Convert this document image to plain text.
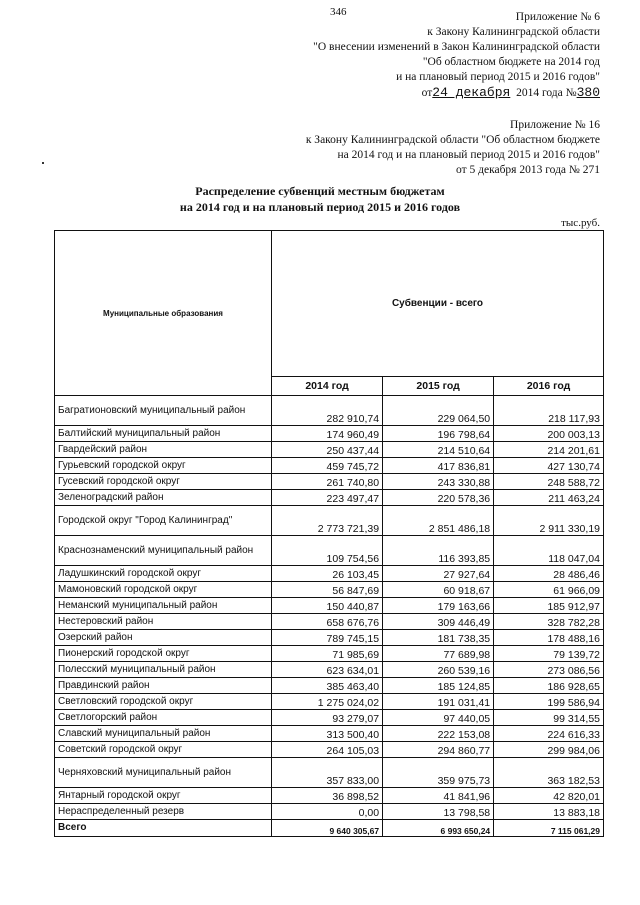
346	Приложение № 6
к Закону Калининградской области
"О внесении изменений в Закон Калининградской области
"Об областном бюджете на 2014 год
и на плановый период 2015 и 2016 годов"
от24 декабря 2014 года №380
Приложение № 16
к Закону Калининградской области "Об областном бюджете
на 2014 год и на плановый период 2015 и 2016 годов"
от 5 декабря 2013 года № 271
Распределение субвенций местным бюджетам
на 2014 год и на плановый период 2015 и 2016 годов
тыс.руб.
Муниципальные образования	Субвенции - всего		
	2014 год	2015 год	2016 год
Багратионовский муниципальный район	282 910,74	229 064,50	218 117,93
Балтийский муниципальный район	174 960,49	196 798,64	200 003,13
Гвардейский район	250 437,44	214 510,64	214 201,61
Гурьевский городской округ	459 745,72	417 836,81	427 130,74
Гусевский городской округ	261 740,80	243 330,88	248 588,72
Зеленоградский район	223 497,47	220 578,36	211 463,24
Городской округ "Город Калининград"	2 773 721,39	2 851 486,18	2 911 330,19
Краснознаменский муниципальный район	109 754,56	116 393,85	118 047,04
Ладушкинский городской округ	26 103,45	27 927,64	28 486,46
Мамоновский городской округ	56 847,69	60 918,67	61 966,09
Неманский муниципальный район	150 440,87	179 163,66	185 912,97
Нестеровский район	658 676,76	309 446,49	328 782,28
Озерский район	789 745,15	181 738,35	178 488,16
Пионерский городской округ	71 985,69	77 689,98	79 139,72
Полесский муниципальный район	623 634,01	260 539,16	273 086,56
Правдинский район	385 463,40	185 124,85	186 928,65
Светловский городской округ	1 275 024,02	191 031,41	199 586,94
Светлогорский район	93 279,07	97 440,05	99 314,55
Славский муниципальный район	313 500,40	222 153,08	224 616,33
Советский городской округ	264 105,03	294 860,77	299 984,06
Черняховский муниципальный район	357 833,00	359 975,73	363 182,53
Янтарный городской округ	36 898,52	41 841,96	42 820,01
Нераспределенный резерв	0,00	13 798,58	13 883,18
Всего	9 640 305,67	6 993 650,24	7 115 061,29
